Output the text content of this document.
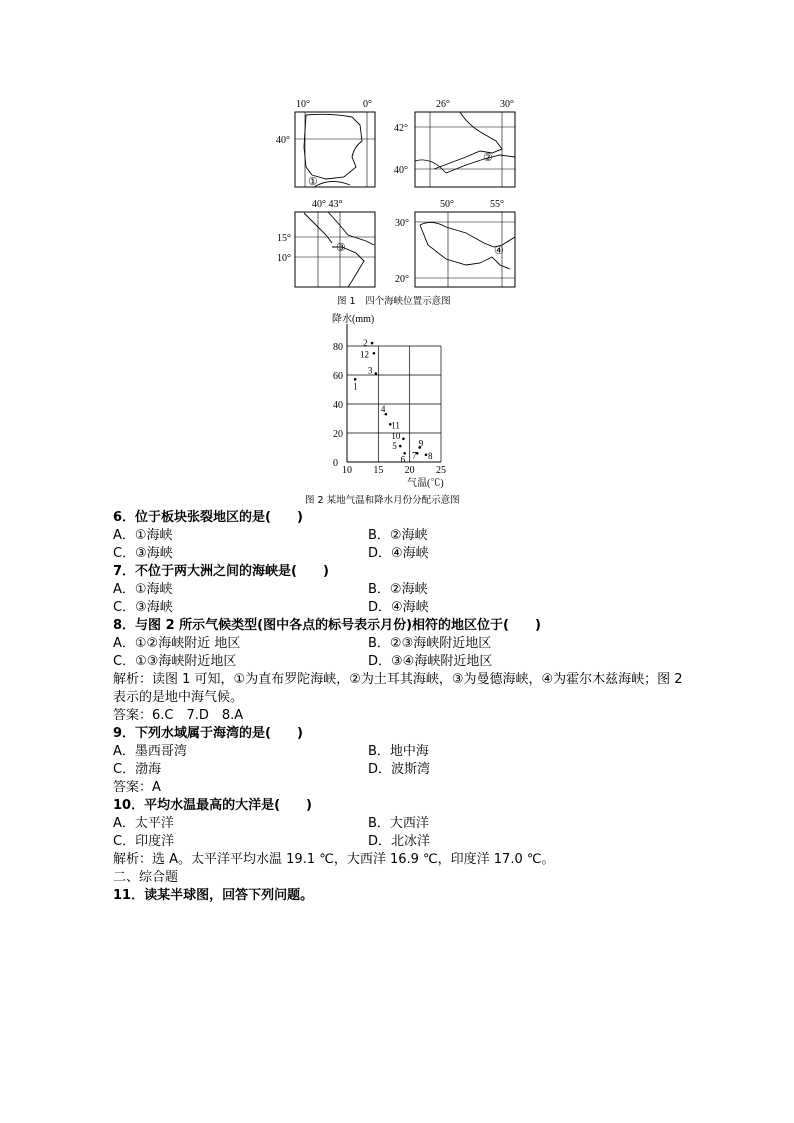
10°	0°
40°
①
26°	30°
42°
40°
②
40° 43°
15°
10°
③
50°	55°
30°
20°
④
图 1　四个海峡位置示意图
降水(mm)
气温(℃)
10 15 20 25
0
20
40
60
80
1
2
3
4
5
6 7 8
9
10
11
12
图 2 某地气温和降水月份分配示意图
6．位于板块张裂地区的是(　　)
A．①海峡	B．②海峡
C．③海峡	D．④海峡
7．不位于两大洲之间的海峡是(　　)
A．①海峡	B．②海峡
C．③海峡	D．④海峡
8．与图 2 所示气候类型(图中各点的标号表示月份)相符的地区位于(　　)
A．①②海峡附近 地区	B．②③海峡附近地区
C．①③海峡附近地区	D．③④海峡附近地区
解析：读图 1 可知，①为直布罗陀海峡，②为土耳其海峡，③为曼德海峡，④为霍尔木兹海峡；图 2 表示的是地中海气候。
答案：6.C　7.D　8.A
9．下列水域属于海湾的是(　　)
A．墨西哥湾	B．地中海
C．渤海	D．波斯湾
答案：A
10．平均水温最高的大洋是(　　)
A．太平洋	B．大西洋
C．印度洋	D．北冰洋
解析：选 A。太平洋平均水温 19.1 ℃，大西洋 16.9 ℃，印度洋 17.0 ℃。
二、综合题
11．读某半球图，回答下列问题。
